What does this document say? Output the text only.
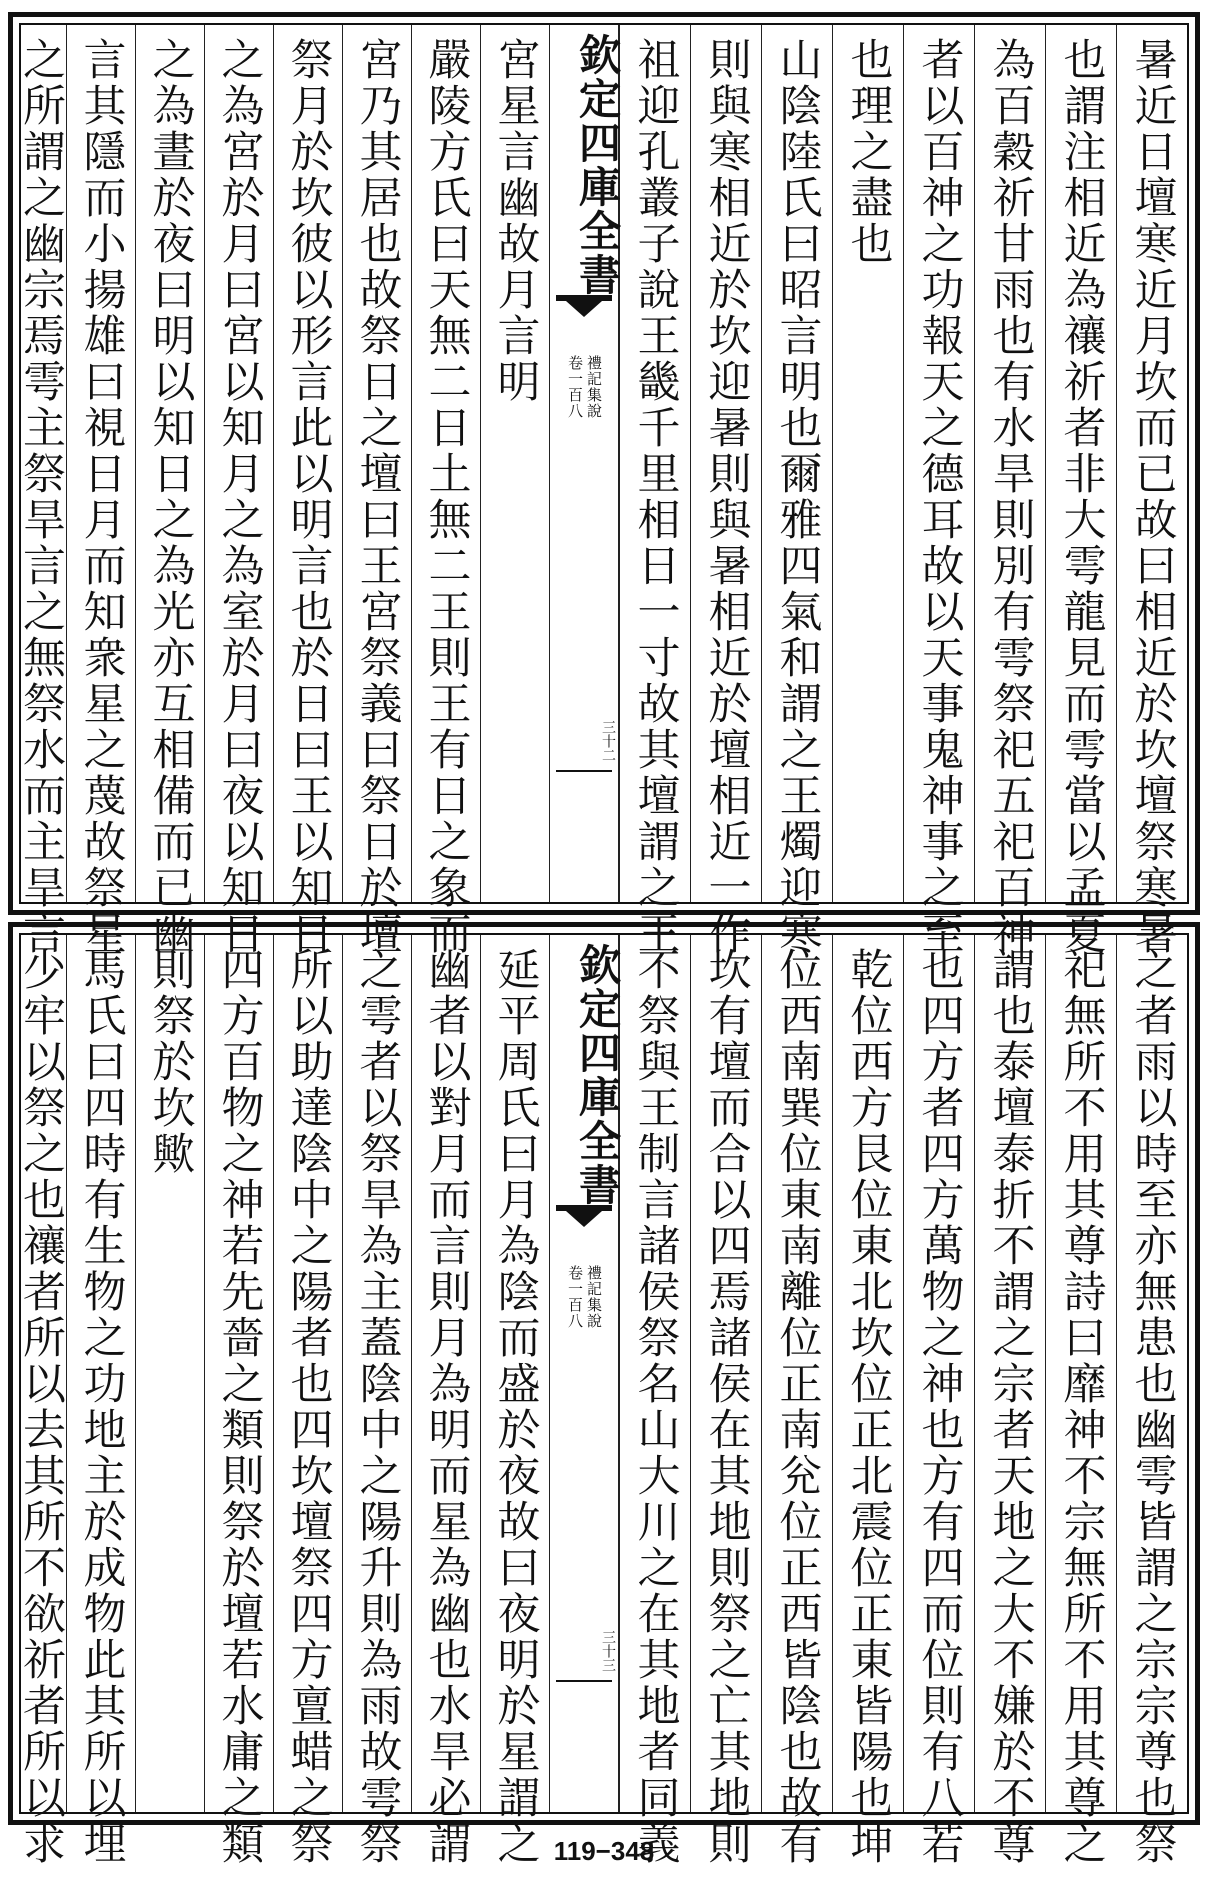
暑近日壇寒近月坎而已故曰相近於坎壇祭寒暑
也謂注相近為禳祈者非大雩龍見而雩當以孟夏
為百穀祈甘雨也有水旱則別有雩祭祀五祀百神
者以百神之功報天之德耳故以天事鬼神事之至
也理之盡也
山陰陸氏曰昭言明也爾雅四氣和謂之王燭迎寒
則與寒相近於坎迎暑則與暑相近於壇相近一作
祖迎孔叢子說王畿千里相日一寸故其壇謂之王
欽定四庫全書
卷一百八 禮記集說
三十二
宮星言幽故月言明
嚴陵方氏曰天無二日土無二王則王有日之象而
宮乃其居也故祭日之壇曰王宮祭義曰祭日於壇
祭月於坎彼以形言此以明言也於日曰王以知日
之為宮於月曰宮以知月之為室於月曰夜以知日
之為晝於夜曰明以知日之為光亦互相備而已幽
言其隱而小揚雄曰視日月而知衆星之蔑故祭星
之所謂之幽宗焉雩主祭旱言之無祭水而主旱言
之者雨以時至亦無患也幽雩皆謂之宗宗尊也祭
祀無所不用其尊詩曰靡神不宗無所不用其尊之
謂也泰壇泰折不謂之宗者天地之大不嫌於不尊
也四方者四方萬物之神也方有四而位則有八若
乾位西方艮位東北坎位正北震位正東皆陽也坤
位西南巽位東南離位正南兊位正西皆陰也故有
坎有壇而合以四焉諸侯在其地則祭之亡其地則
不祭與王制言諸侯祭名山大川之在其地者同義
欽定四庫全書
卷一百八 禮記集說
三十三
延平周氏曰月為陰而盛於夜故曰夜明於星謂之
幽者以對月而言則月為明而星為幽也水旱必謂
之雩者以祭旱為主蓋陰中之陽升則為雨故雩祭
所以助達陰中之陽者也四坎壇祭四方亶蜡之祭
四方百物之神若先嗇之類則祭於壇若水庸之類
則祭於坎歟
馬氏曰四時有生物之功地主於成物此其所以埋
少牢以祭之也禳者所以去其所不欲祈者所以求	119−348
